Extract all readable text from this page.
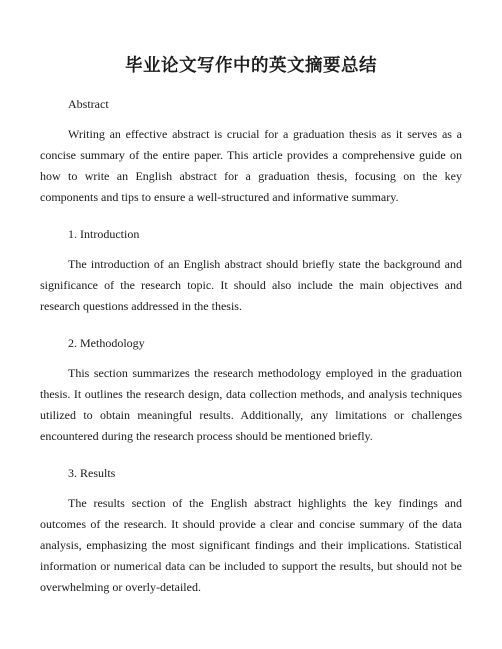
毕业论文写作中的英文摘要总结
Abstract

Writing an effective abstract is crucial for a graduation thesis as it serves as a concise summary of the entire paper. This article provides a comprehensive guide on how to write an English abstract for a graduation thesis, focusing on the key components and tips to ensure a well-structured and informative summary.

1. Introduction

The introduction of an English abstract should briefly state the background and significance of the research topic. It should also include the main objectives and research questions addressed in the thesis.

2. Methodology

This section summarizes the research methodology employed in the graduation thesis. It outlines the research design, data collection methods, and analysis techniques utilized to obtain meaningful results. Additionally, any limitations or challenges encountered during the research process should be mentioned briefly.

3. Results

The results section of the English abstract highlights the key findings and outcomes of the research. It should provide a clear and concise summary of the data analysis, emphasizing the most significant findings and their implications. Statistical information or numerical data can be included to support the results, but should not be overwhelming or overly-detailed.
